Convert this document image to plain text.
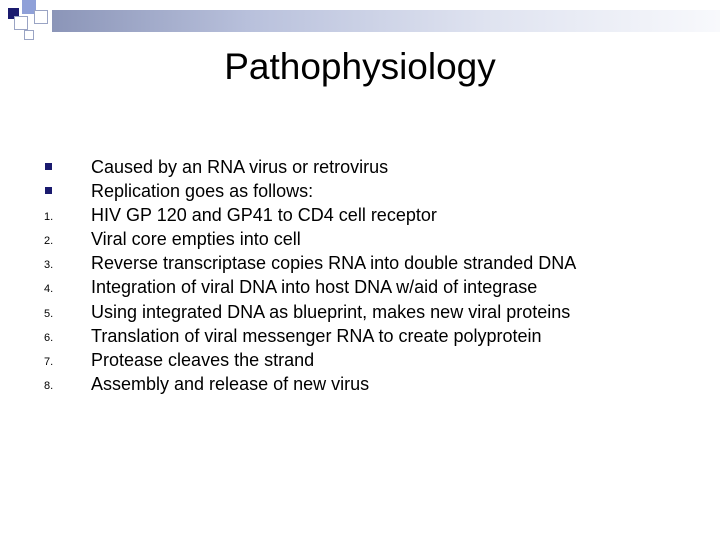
Pathophysiology
Caused by an RNA virus or retrovirus
Replication goes as follows:
1.	HIV GP 120 and GP41 to CD4 cell receptor
2.	Viral core empties into cell
3.	Reverse transcriptase copies RNA into double stranded DNA
4.	Integration of viral DNA into host DNA w/aid of integrase
5.	Using integrated DNA as blueprint, makes new viral proteins
6.	Translation of viral messenger RNA to create polyprotein
7.	Protease cleaves the strand
8.	Assembly and release of new virus
